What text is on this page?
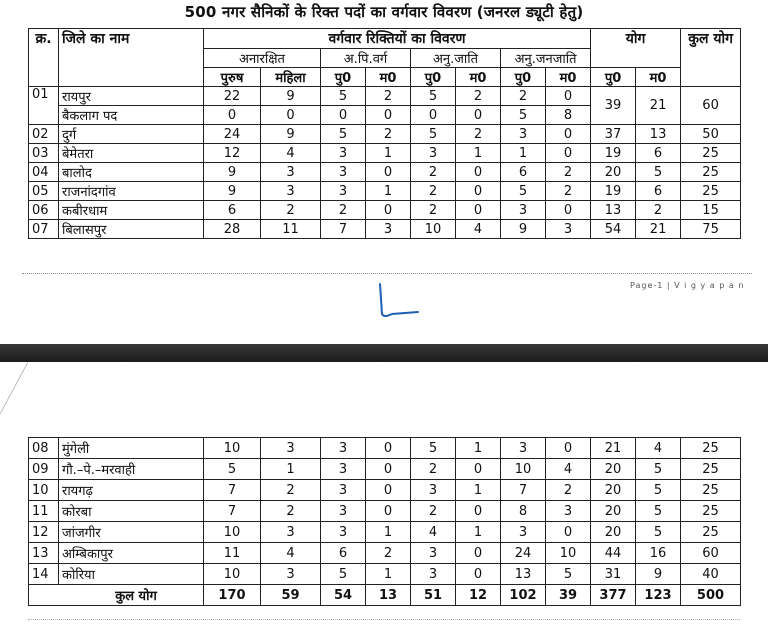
500 नगर सैनिकों के रिक्त पदों का वर्गवार विवरण (जनरल ड्यूटी हेतु)
क्र.	जिले का नाम	वर्गवार रिक्तियों का विवरण								योग		कुल योग
		अनारक्षित		अ.पि.वर्ग		अनु.जाति		अनु.जनजाति				
		पुरुष	महिला	पु0	म0	पु0	म0	पु0	म0	पु0	म0	
01	रायपुर	22	9	5	2	5	2	2	0	39	21	60
	बैकलाग पद	0	0	0	0	0	0	5	8			
02	दुर्ग	24	9	5	2	5	2	3	0	37	13	50
03	बेमेतरा	12	4	3	1	3	1	1	0	19	6	25
04	बालोद	9	3	3	0	2	0	6	2	20	5	25
05	राजनांदगांव	9	3	3	1	2	0	5	2	19	6	25
06	कबीरधाम	6	2	2	0	2	0	3	0	13	2	15
07	बिलासपुर	28	11	7	3	10	4	9	3	54	21	75
Page-1 | V i g y a p a n
08	मुंगेली	10	3	3	0	5	1	3	0	21	4	25
09	गौ.–पे.–मरवाही	5	1	3	0	2	0	10	4	20	5	25
10	रायगढ़	7	2	3	0	3	1	7	2	20	5	25
11	कोरबा	7	2	3	0	2	0	8	3	20	5	25
12	जांजगीर	10	3	3	1	4	1	3	0	20	5	25
13	अम्बिकापुर	11	4	6	2	3	0	24	10	44	16	60
14	कोरिया	10	3	5	1	3	0	13	5	31	9	40
कुल योग		170	59	54	13	51	12	102	39	377	123	500
